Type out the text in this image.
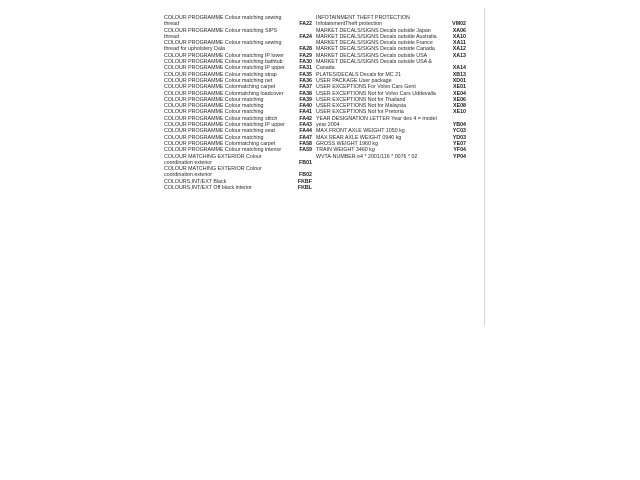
COLOUR PROGRAMME Colour matching sewing thread	FA22
COLOUR PROGRAMME Colour matching SIPS thread	FA24
COLOUR PROGRAMME Colour matching sewing thread for upholstery Dala	FA28
COLOUR PROGRAMME Colour matching IP lower	FA29
COLOUR PROGRAMME Colour matching bathtub	FA30
COLOUR PROGRAMME Colour matching IP upper	FA31
COLOUR PROGRAMME Colour matching strap	FA35
COLOUR PROGRAMME Colour matching net	FA36
COLOUR PROGRAMME Colormatching carpet	FA37
COLOUR PROGRAMME Colormatching loadcover	FA38
COLOUR PROGRAMME Colour matching	FA39
COLOUR PROGRAMME Colour matching	FA40
COLOUR PROGRAMME Colour matching	FA41
COLOUR PROGRAMME Colour matching stitch	FA42
COLOUR PROGRAMME Colour matching IP upper	FA43
COLOUR PROGRAMME Colour matching seat	FA44
COLOUR PROGRAMME Colour matching	FA47
COLOUR PROGRAMME Colormatching carpet	FA58
COLOUR PROGRAMME Colour matching interior	FA59
COLOUR MATCHING EXTERIOR Colour coordination exterior	FB01
COLOUR MATCHING EXTERIOR Colour coordination exterior	FB02
COLOURS,INT/EXT Black	FKBF
COLOURS,INT/EXT Off black interior	FKBL
INFOTAINMENT THEFT PROTECTION InfotainmentTheft protection	VM02
MARKET DECALS/SIGNS Decals outside Japan	XA06
MARKET DECALS/SIGNS Decals outside Australia	XA10
MARKET DECALS/SIGNS Decals outside France	XA11
MARKET DECALS/SIGNS Decals outside Canada	XA12
MARKET DECALS/SIGNS Decals outside USA	XA13
MARKET DECALS/SIGNS Decals outside USA & Canada	XA14
PLATES/DECALS Decals for MC 21	XB13
USER PACKAGE User package	XD01
USER EXCEPTIONS For Volvo Cars Gent	XE01
USER EXCEPTIONS Not for Volvo Cars Uddevalla	XE04
USER EXCEPTIONS Not for Thailand	XE06
USER EXCEPTIONS Not for Malaysia	XE08
USER EXCEPTIONS Not for Pretoria	XE10
YEAR DESIGNATION LETTER Year des 4 = model year 2004	YB04
MAX FRONT AXLE WEIGHT 1050 kg	YC03
MAX REAR AXLE WEIGHT 0940 kg	YD03
GROSS WEIGHT 1960 kg	YE07
TRAIN WEIGHT 3460 kg	YF04
WVTA-NUMBER e4 * 2001/116 * 0076 * 02	YP04
